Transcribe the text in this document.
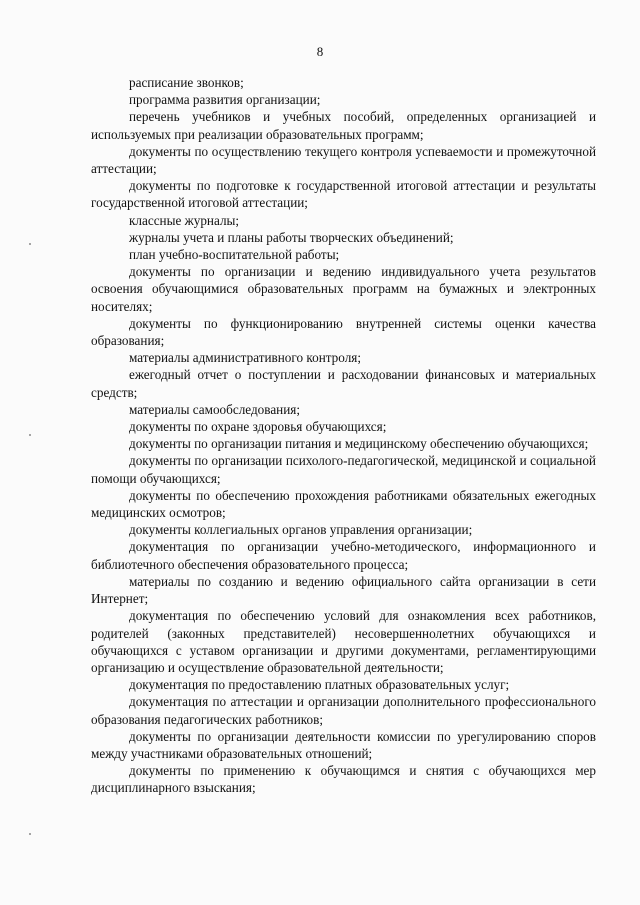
8

расписание звонков;

программа развития организации;

перечень учебников и учебных пособий, определенных организацией и используемых при реализации образовательных программ;

документы по осуществлению текущего контроля успеваемости и промежуточной аттестации;

документы по подготовке к государственной итоговой аттестации и результаты государственной итоговой аттестации;

классные журналы;

журналы учета и планы работы творческих объединений;

план учебно-воспитательной работы;

документы по организации и ведению индивидуального учета результатов освоения обучающимися образовательных программ на бумажных и электронных носителях;

документы по функционированию внутренней системы оценки качества образования;

материалы административного контроля;

ежегодный отчет о поступлении и расходовании финансовых и материальных средств;

материалы самообследования;

документы по охране здоровья обучающихся;

документы по организации питания и медицинскому обеспечению обучающихся;

документы по организации психолого-педагогической, медицинской и социальной помощи обучающихся;

документы по обеспечению прохождения работниками обязательных ежегодных медицинских осмотров;

документы коллегиальных органов управления организации;

документация по организации учебно-методического, информационного и библиотечного обеспечения образовательного процесса;

материалы по созданию и ведению официального сайта организации в сети Интернет;

документация по обеспечению условий для ознакомления всех работников, родителей (законных представителей) несовершеннолетних обучающихся и обучающихся с уставом организации и другими документами, регламентирующими организацию и осуществление образовательной деятельности;

документация по предоставлению платных образовательных услуг;

документация по аттестации и организации дополнительного профессионального образования педагогических работников;

документы по организации деятельности комиссии по урегулированию споров между участниками образовательных отношений;

документы по применению к обучающимся и снятия с обучающихся мер дисциплинарного взыскания;
